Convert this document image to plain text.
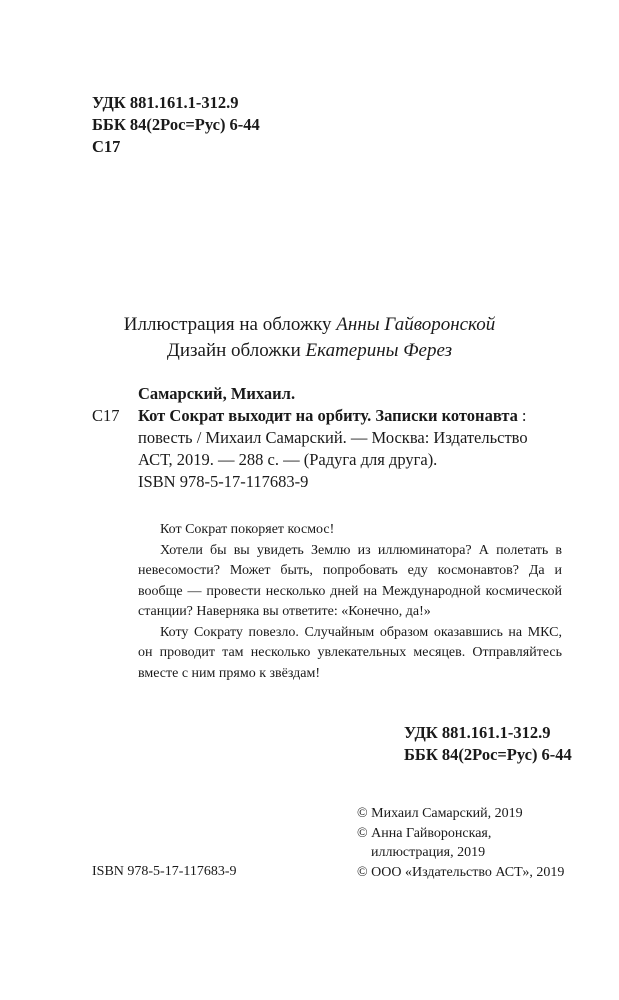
УДК 881.161.1-312.9
ББК 84(2Рос=Рус) 6-44
С17
Иллюстрация на обложку Анны Гайворонской
Дизайн обложки Екатерины Ферез
Самарский, Михаил.
С17 Кот Сократ выходит на орбиту. Записки котонавта :
повесть / Михаил Самарский. — Москва: Издательство
АСТ, 2019. — 288 с. — (Радуга для друга).
ISBN 978-5-17-117683-9

Кот Сократ покоряет космос!

Хотели бы вы увидеть Землю из иллюминатора? А полетать в невесомости? Может быть, попробовать еду космонавтов? Да и вообще — провести несколько дней на Международной космической станции? Наверняка вы ответите: «Конечно, да!»

Коту Сократу повезло. Случайным образом оказавшись на МКС, он проводит там несколько увлекательных месяцев. Отправляйтесь вместе с ним прямо к звёздам!

УДК 881.161.1-312.9
ББК 84(2Рос=Рус) 6-44
© Михаил Самарский, 2019
© Анна Гайворонская,
иллюстрация, 2019
© ООО «Издательство АСТ», 2019
ISBN 978-5-17-117683-9
